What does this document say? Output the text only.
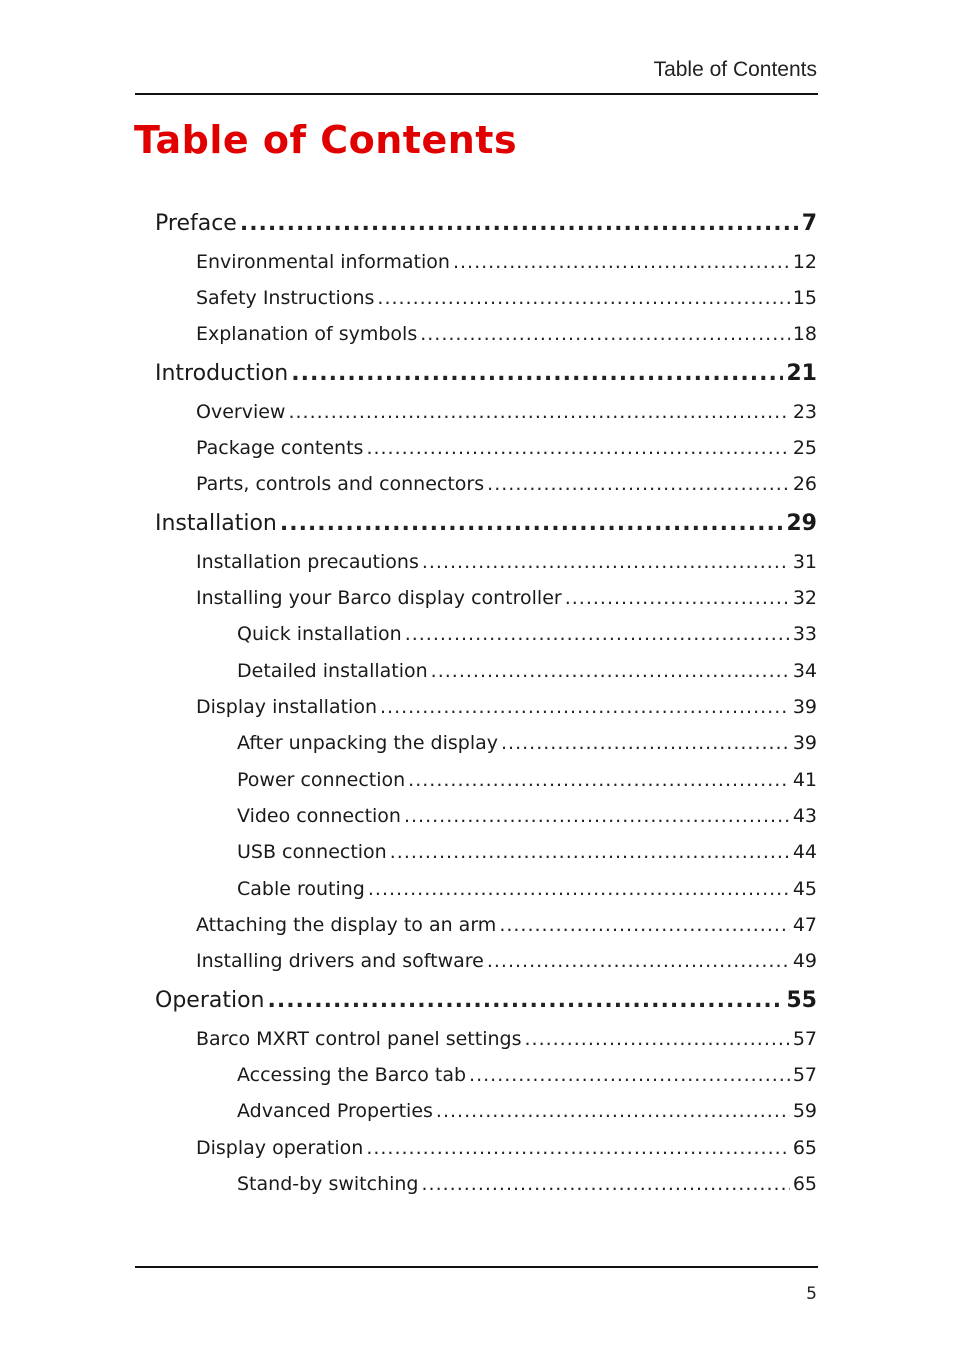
Table of Contents
Table of Contents
Preface .....	7
Environmental information .....	12
Safety Instructions .....	15
Explanation of symbols .....	18
Introduction .....	21
Overview .....	23
Package contents .....	25
Parts, controls and connectors .....	26
Installation .....	29
Installation precautions .....	31
Installing your Barco display controller .....	32
Quick installation .....	33
Detailed installation .....	34
Display installation .....	39
After unpacking the display .....	39
Power connection .....	41
Video connection .....	43
USB connection .....	44
Cable routing .....	45
Attaching the display to an arm .....	47
Installing drivers and software .....	49
Operation .....	55
Barco MXRT control panel settings .....	57
Accessing the Barco tab .....	57
Advanced Properties .....	59
Display operation .....	65
Stand-by switching .....	65
5
